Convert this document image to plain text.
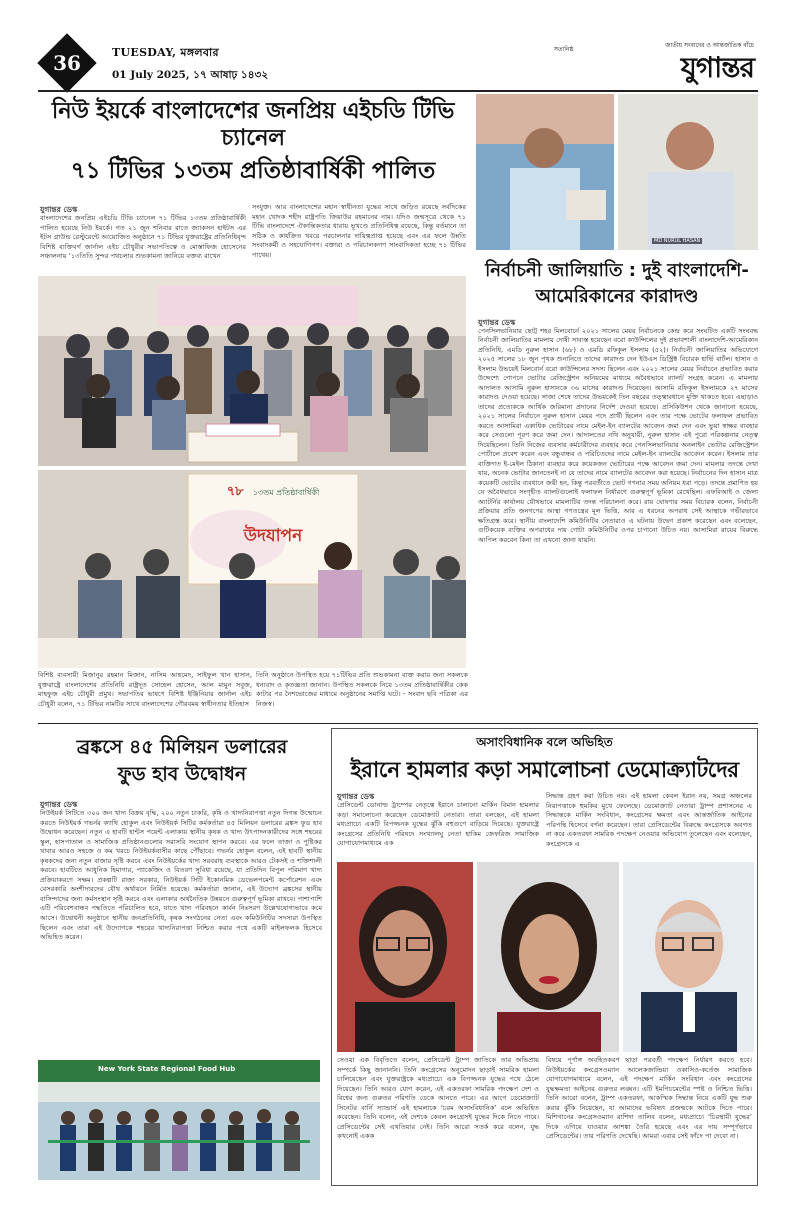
36	TUESDAY, মঙ্গলবার
01 July 2025, ১৭ আষাঢ় ১৪৩২
সত্যনিষ্ঠ
জাতীয় সংবাদের ও আন্তর্জাতিক বাঁচে
যুগান্তর
নিউ ইয়র্কে বাংলাদেশের জনপ্রিয় এইচডি টিভি চ্যানেল
৭১ টিভির ১৩তম প্রতিষ্ঠাবার্ষিকী পালিত
যুগান্তর ডেস্ক
বাংলাদেশের জনপ্রিয় এইচডি টিভি চ্যানেল ৭১ টিভির ১৩তম প্রতিষ্ঠাবার্ষিকী পালিত হয়েছে নিউ ইয়র্কে। গত ২১ জুন শনিবার রাতে জ্যাকসন হাইটস এর ইটস গ্রাউন্ড রেস্টুরেন্টে আয়োজিত অনুষ্ঠানে ৭১ টিভির যুক্তরাষ্ট্রের প্রতিনিধিবৃন্দ বিশিষ্ট ব্যক্তিবর্গ জার্নাল এইচ চৌধুরীর সভাপতিত্বে ও মোস্তাফিজ হোসেনের সঞ্চালনায় ‘১৩তিতি সুন্দর পথচলার শুভকামনা জানিয়ে বক্তব্য রাখেন
সংযুক্ত। আর বাংলাদেশের মহান স্বাধীনতা যুদ্ধের সাথে জড়িত রয়েছে সর্বদিকের মহান খোদক শহীদ রাষ্ট্রপতি জিয়াউর রহমানের নাম। যদিও জন্মসূত্রে থেকে ৭১ টিভি বাংলাদেশে ঐকান্তিকতার ধারায় ভূখণ্ডে প্রতিনিধিত্ব রয়েছে, কিন্তু বর্তমানে তা সঠিক ও কার্যক্রিত খবরে পরচালনার দায়িত্বপ্রাপ্ত হয়েছে এবং এর ফলে উন্নতি সংবাদকর্মী ও সহযোগিগণ। বক্তারা ও পরিচালকগণ সাংবাদিকতা হচ্ছে ৭১ টিভির পাথেয়।
৭৮ ১৩তম প্রতিষ্ঠাবার্ষিকী
উদযাপন
বিশিষ্ট ব্যবসায়ী মিজানুর রহমান মিজান, নাসিম আহমেদ, সাইফুল খান হাসান, যুক্তরাষ্ট্রে বাংলাদেশের প্রতিনিধি রাষ্ট্রদূত সোহেল হোসেন, আল মামুন সবুজ, মাহফুজ এইচ চৌধুরী প্রমুখ। সভাপতির ভাষণে বিশিষ্ট ইঞ্জিনিয়ার জার্নাল এইচ চৌধুরী বলেন, ৭১ টিভির নামটির সাথে বাংলাদেশের গৌরবময় স্বাধীনতার ইতিহাস
তিনি অনুষ্ঠানে উপস্থিত হয়ে ৭১টিভির প্রতি শুভকামনা ব্যক্ত করার জন্য সকলকে ধন্যবাদ ও কৃতজ্ঞতা জানান। উপস্থিত সকলকে নিয়ে ১৩তম প্রতিষ্ঠাবার্ষিকীর কেক কাটার পর নৈশভোজের মাধ্যমে অনুষ্ঠানের সমাপ্তি ঘটে। - সংবাদ ছবি পত্রিকা এর নিজস্ব।
MD NURUL HASAN
নির্বাচনী জালিয়াতি : দুই বাংলাদেশি-
আমেরিকানের কারাদণ্ড
যুগান্তর ডেস্ক
পেনসিলভানিয়ার ছোট্ট শহর মিলবোর্নে ২০২১ সালের মেয়র নির্বাচনকে কেন্দ্র করে সংঘটিত একটি সংঘবদ্ধ নির্বাচনী জালিয়াতির মামলায় দোষী সাব্যস্ত হয়েছেন বরো কাউন্সিলের দুই প্রভাবশালী বাংলাদেশি-আমেরিকান প্রতিনিধি, এমডি নুরুল হাসান (৬৮) ও এমডি রফিকুল ইসলাম (৫২)। নির্বাচনী জালিয়াতির অভিযোগে ২০২৫ সালের ১৮ জুন পৃথক শুনানিতে তাদের কারাদণ্ড দেন ইউএস ডিস্ট্রিক্ট বিচারক হার্ভি বার্টল। হাসান ও ইসলাম উভয়েই মিলবোর্ন বরো কাউন্সিলের সদস্য ছিলেন এবং ২০২১ সালের মেয়র নির্বাচনে প্রভাবিত করার উদ্দেশ্যে গোপনে ভোটার রেজিস্ট্রেশন অনিয়মের মাধ্যমে অবৈধভাবে ব্যালট সংগ্রহ করেন। এ মামলায় আদালত আসামি নুরুল হাসানকে ৩৬ মাসের কারাদণ্ড দিয়েছেন। আসামি রফিকুল ইসলামকে ২৭ মাসের কারাদণ্ড দেওয়া হয়েছে। সাজা শেষে তাদের উভয়কেই তিন বছরের তত্ত্বাবধানে মুক্তি থাকতে হবে। এছাড়াও তাদের প্রত্যেককে আর্থিক জরিমানা প্রদানের নির্দেশ দেওয়া হয়েছে। প্রসিকিউশন থেকে জানানো হয়েছে, ২০২১ সালের নির্বাচনে নুরুল হাসান মেয়র পদে প্রার্থী ছিলেন এবং তার পক্ষে ভোটের ফলাফল প্রভাবিত করতে আসামিরা একাধিক ভোটারের নামে মেইল-ইন ব্যালটের আবেদন জমা দেন এবং ভুয়া স্বাক্ষর ব্যবহার করে সেগুলো পূরণ করে জমা দেন। আদালতের নথি অনুযায়ী, নুরুল হাসান এই পুরো পরিকল্পনার নেতৃত্ব দিয়েছিলেন। তিনি নিজের ব্যবসার কর্মচারীদের ব্যবহার করে পেনসিলভানিয়ার অনলাইন ভোটার রেজিস্ট্রেশন পোর্টালে প্রবেশ করেন এবং বন্ধুবান্ধব ও পরিচিতদের নামে মেইল-ইন ব্যালটের আবেদন করেন। ইসলাম তার ব্যক্তিগত ই-মেইল ঠিকানা ব্যবহার করে কয়েকজন ভোটারের পক্ষে আবেদন জমা দেন। মামলার তদন্তে দেখা যায়, অনেক ভোটার জানতেনই না যে তাদের নামে ব্যালটের আবেদন করা হয়েছে। নির্বাচনের দিন হাসান মাত্র কয়েকটি ভোটের ব্যবধানে জয়ী হন, কিন্তু পরবর্তীতে ভোট গণনার সময় অনিয়ম ধরা পড়ে। তদন্তে প্রমাণিত হয় যে অবৈধভাবে সংগৃহীত ব্যালটগুলোই ফলাফল নির্ধারণে গুরুত্বপূর্ণ ভূমিকা রেখেছিল। এফবিআই ও জেলা অ্যাটর্নির কার্যালয় যৌথভাবে মামলাটির তদন্ত পরিচালনা করে। রায় ঘোষণার সময় বিচারক বলেন, নির্বাচনী প্রক্রিয়ার প্রতি জনগণের আস্থা গণতন্ত্রের মূল ভিত্তি, আর এ ধরনের অপরাধ সেই আস্থাকে গভীরভাবে ক্ষতিগ্রস্ত করে। স্থানীয় বাংলাদেশি কমিউনিটির নেতারাও এ ঘটনায় উদ্বেগ প্রকাশ করেছেন এবং বলেছেন, গুটিকয়েক ব্যক্তির অপরাধের দায় গোটা কমিউনিটির ওপর চাপানো উচিত নয়। আসামিরা রায়ের বিরুদ্ধে আপিল করবেন কিনা তা এখনো জানা যায়নি।
ব্রঙ্কসে ৪৫ মিলিয়ন ডলারের
ফুড হাব উদ্বোধন
যুগান্তর ডেস্ক
নিউইয়র্ক সিটিতে ৩০০ জন খাদ্য বিক্রয় বৃদ্ধি, ২০০ নতুন চাকরি, কৃষি ও খাদ্যনিরাপত্তা নতুন দিগন্ত উন্মোচন করতে নিউইয়র্ক গভর্নর ক্যাথি হোকুল এবং নিউইয়র্ক সিটির কর্মকর্তারা ৪৫ মিলিয়ন ডলারের ব্রঙ্কস ফুড হাব উদ্বোধন করেছেন। নতুন এ হাবটি হান্টস পয়েন্ট এলাকায় স্থানীয় কৃষক ও খাদ্য উৎপাদনকারীদের সঙ্গে শহরের স্কুল, হাসপাতাল ও সামাজিক প্রতিষ্ঠানগুলোর সরাসরি সংযোগ স্থাপন করবে। এর ফলে তাজা ও পুষ্টিকর খাবার আরও সহজে ও কম খরচে নিউইয়র্কবাসীর কাছে পৌঁছাবে। গভর্নর হোকুল বলেন, এই হাবটি স্থানীয় কৃষকদের জন্য নতুন বাজার সৃষ্টি করবে এবং নিউইয়র্কের খাদ্য সরবরাহ ব্যবস্থাকে আরও টেকসই ও শক্তিশালী করবে। হাবটিতে আধুনিক হিমাগার, প্যাকেজিং ও বিতরণ সুবিধা রয়েছে, যা প্রতিদিন বিপুল পরিমাণ খাদ্য প্রক্রিয়াকরণে সক্ষম। প্রকল্পটি রাজ্য সরকার, নিউইয়র্ক সিটি ইকোনমিক ডেভেলপমেন্ট কর্পোরেশন এবং বেসরকারি অংশীদারদের যৌথ অর্থায়নে নির্মিত হয়েছে। কর্মকর্তারা জানান, এই উদ্যোগ ব্রঙ্কসের স্থানীয় বাসিন্দাদের জন্য কর্মসংস্থান সৃষ্টি করবে এবং এলাকার অর্থনৈতিক উন্নয়নে গুরুত্বপূর্ণ ভূমিকা রাখবে। পাশাপাশি এটি পরিবেশবান্ধব পদ্ধতিতে পরিচালিত হবে, যাতে খাদ্য পরিবহনে কার্বন নিঃসরণ উল্লেখযোগ্যভাবে কমে আসে। উদ্বোধনী অনুষ্ঠানে স্থানীয় জনপ্রতিনিধি, কৃষক সংগঠনের নেতা এবং কমিউনিটির সদস্যরা উপস্থিত ছিলেন এবং তারা এই উদ্যোগকে শহরের খাদ্যনিরাপত্তা নিশ্চিত করার পথে একটি মাইলফলক হিসেবে অভিহিত করেন।
New York State Regional Food Hub
অসাংবিধানিক বলে অভিহিত
ইরানে হামলার কড়া সমালোচনা ডেমোক্র্যাটদের
যুগান্তর ডেস্ক
প্রেসিডেন্ট ডোনাল্ড ট্রাম্পের নেতৃত্বে ইরানে চালানো মার্কিন বিমান হামলার কড়া সমালোচনা করেছেন ডেমোক্র্যাট নেতারা। তারা বলছেন, এই হামলা মধ্যপ্রাচ্যে একটি বিপজ্জনক যুদ্ধের ঝুঁকি বহুগুণে বাড়িয়ে দিয়েছে। যুক্তরাষ্ট্রে কংগ্রেসের প্রতিনিধি পরিষদে সংখ্যালঘু নেতা হাকিম জেফরিজ সামাজিক যোগাযোগমাধ্যমে এক
সিদ্ধান্ত গ্রহণ করা উচিত নয়। এই হামলা কেবল ইরান নয়, সমগ্র অঞ্চলের নিরাপত্তাকে হুমকির মুখে ফেলেছে। ডেমোক্র্যাট নেতারা ট্রাম্প প্রশাসনের এ সিদ্ধান্তকে মার্কিন সংবিধান, কংগ্রেসের ক্ষমতা এবং আন্তর্জাতিক আইনের পরিপন্থি হিসেবে বর্ণনা করেছেন। তারা প্রেসিডেন্টের বিরুদ্ধে কংগ্রেসকে অবগত না করে একতরফা সামরিক পদক্ষেপ নেওয়ার অভিযোগ তুলেছেন এবং বলেছেন, কংগ্রেসকে এ
সেওয়া এক বিবৃতিতে বলেন, প্রেসিডেন্ট ট্রাম্প জাতিকে তার অভিপ্রায় সম্পর্কে কিছু জানাননি। তিনি কংগ্রেসের অনুমোদন ছাড়াই সামরিক হামলা চালিয়েছেন এবং যুক্তরাষ্ট্রকে মধ্যপ্রাচ্যে এক বিপজ্জনক যুদ্ধের পথে ঠেলে দিয়েছেন। তিনি আরও যোগ করেন, এই একতরফা সামরিক পদক্ষেপ দেশ ও বিশ্বের জন্য গুরুতর পরিণতি ডেকে আনতে পারে। এর আগে ডেমোক্র্যাট সিনেটর বার্নি স্যান্ডার্স এই হামলাকে ‘চরম অসাংবিধানিক’ বলে অভিহিত করেছেন। তিনি বলেন, এই দেশকে কেবল কংগ্রেসই যুদ্ধের দিকে নিতে পারে। প্রেসিডেন্টের সেই এখতিয়ার নেই। তিনি আরো সতর্ক করে বলেন, যুদ্ধ কখনোই একক
বিষয়ে পূর্ণাঙ্গ অবহিতকরণ ছাড়া পরবর্তী পদক্ষেপ নির্ধারণ করতে হবে। নিউইয়র্কের কংগ্রেসওম্যান আলেকজান্দ্রিয়া ওকাসিও-কর্তেজ সামাজিক যোগাযোগমাধ্যমে বলেন, এই পদক্ষেপ মার্কিন সংবিধান এবং কংগ্রেসের যুদ্ধক্ষমতা আইনের গুরুতর লঙ্ঘন। এটি ইমপিচমেন্টের স্পষ্ট ও নিশ্চিত ভিত্তি। তিনি আরো বলেন, ট্রাম্প একতরফা, আকস্মিক সিদ্ধান্ত নিয়ে একটি যুদ্ধ শুরু করার ঝুঁকি নিয়েছেন, যা আমাদের ভবিষ্যৎ প্রজন্মকে আটকে দিতে পারে। মিশিগানের কংগ্রেসওম্যান রাশিদা তালিব বলেন, মধ্যপ্রাচ্যে ‘চিরস্থায়ী যুদ্ধের’ দিকে এগিয়ে যাওয়ার আশঙ্কা তৈরি হয়েছে এবং এর দায় সম্পূর্ণভাবে প্রেসিডেন্টের। তার পরিণতি দেখেছি। আমরা এবার সেই ফাঁদে পা দেবো না।
